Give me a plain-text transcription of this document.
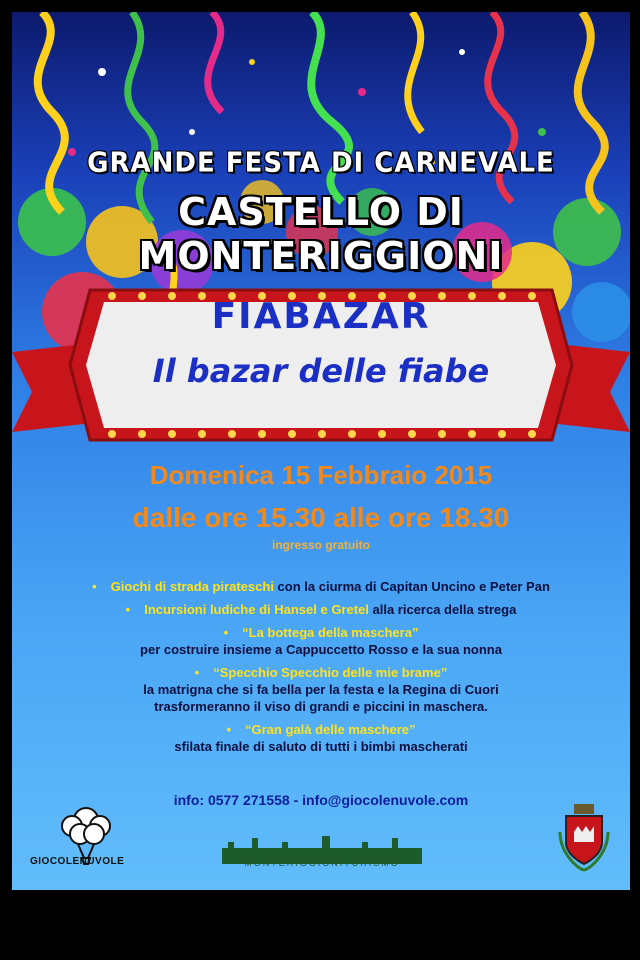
GRANDE FESTA DI CARNEVALE
CASTELLO DI MONTERIGGIONI
FIABAZAR
Il bazar delle fiabe
Domenica 15 Febbraio 2015
dalle ore 15.30 alle ore 18.30
ingresso gratuito
• Giochi di strada pirateschi con la ciurma di Capitan Uncino e Peter Pan
• Incursioni ludiche di Hansel e Gretel alla ricerca della strega
• “La bottega della maschera”
per costruire insieme a Cappuccetto Rosso e la sua nonna
• “Specchio Specchio delle mie brame”
la matrigna che si fa bella per la festa e la Regina di Cuori
trasformeranno il viso di grandi e piccini in maschera.
• “Gran galà delle maschere”
sfilata finale di saluto di tutti i bimbi mascherati
info: 0577 271558 - info@giocolenuvole.com
GIOCOLENUVOLE	MONTERIGGIONITURISMO
